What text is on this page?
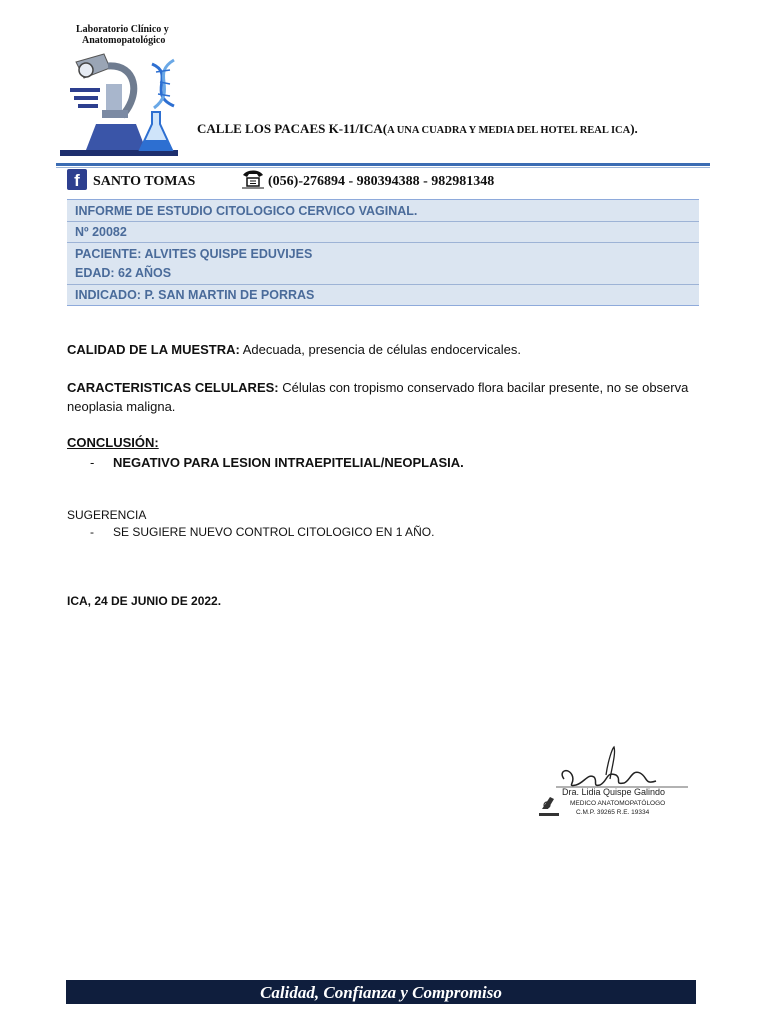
Laboratorio Clínico y
Anatomopatológico
CALLE LOS PACAES K-11/ICA(A UNA CUADRA Y MEDIA DEL HOTEL REAL ICA).
f SANTO TOMAS	(056)-276894 - 980394388 - 982981348
INFORME DE ESTUDIO CITOLOGICO CERVICO VAGINAL.
Nº 20082
PACIENTE: ALVITES QUISPE EDUVIJES
EDAD: 62 AÑOS
INDICADO: P. SAN MARTIN DE PORRAS
CALIDAD DE LA MUESTRA: Adecuada, presencia de células endocervicales.
CARACTERISTICAS CELULARES: Células con tropismo conservado flora bacilar presente, no se observa
neoplasia maligna.
CONCLUSIÓN:
- NEGATIVO PARA LESION INTRAEPITELIAL/NEOPLASIA.
SUGERENCIA
- SE SUGIERE NUEVO CONTROL CITOLOGICO EN 1 AÑO.
ICA, 24 DE JUNIO DE 2022.
Dra. Lidia Quispe Galindo
MEDICO ANATOMOPATÓLOGO
C.M.P. 39265 R.E. 19334
Calidad, Confianza y Compromiso
